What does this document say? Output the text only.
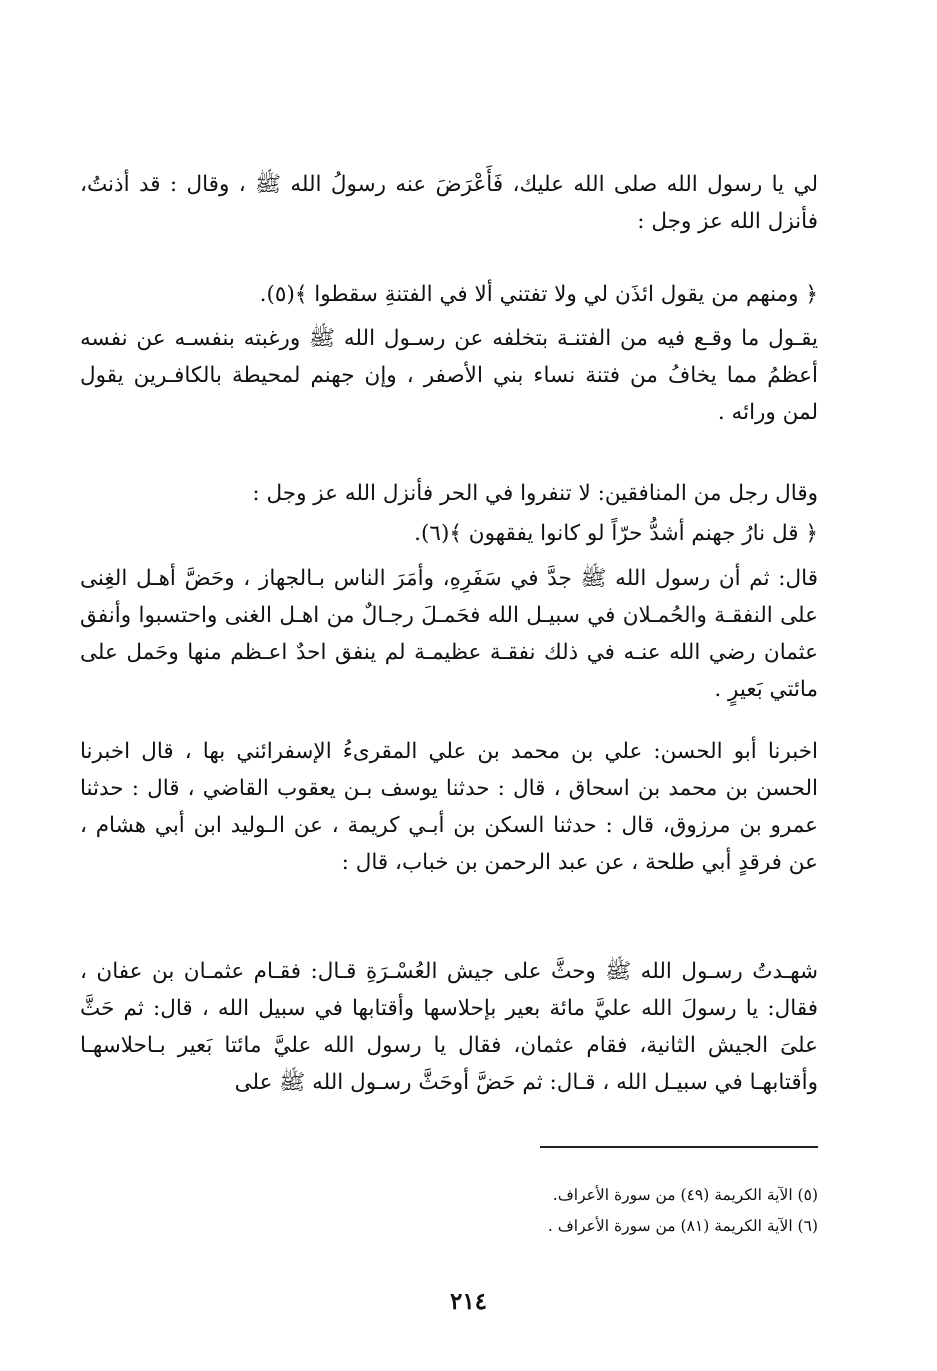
لي يا رسول الله صلى الله عليك، فَأَعْرَضَ عنه رسولُ الله ﷺ ، وقال : قد أذنتُ، فأنزل الله عز وجل :

﴿ ومنهم من يقول ائذَن لي ولا تفتني ألا في الفتنةِ سقطوا ﴾(٥).

يقـول ما وقـع فيه من الفتنـة بتخلفه عن رسـول الله ﷺ ورغبته بنفسـه عن نفسه أعظمُ مما يخافُ من فتنة نساء بني الأصفر ، وإن جهنم لمحيطة بالكافـرين يقول لمن ورائه .

وقال رجل من المنافقين: لا تنفروا في الحر فأنزل الله عز وجل :

﴿ قل نارُ جهنم أشدُّ حرّاً لو كانوا يفقهون ﴾(٦).

قال: ثم أن رسول الله ﷺ جدَّ في سَفَرِهِ، وأمَرَ الناس بـالجهاز ، وحَضَّ أهـل الغِنى على النفقـة والحُمـلان في سبيـل الله فحَمـلَ رجـالٌ من اهـل الغنى واحتسبوا وأنفق عثمان رضي الله عنـه في ذلك نفقـة عظيمـة لم ينفق احدٌ اعـظم منها وحَمل على مائتي بَعيرٍ .

اخبرنا أبو الحسن: علي بن محمد بن علي المقرىءُ الإسفرائني بها ، قال اخبرنا الحسن بن محمد بن اسحاق ، قال : حدثنا يوسف بـن يعقوب القاضي ، قال : حدثنا عمرو بن مرزوق، قال : حدثنا السكن بن أبـي كريمة ، عن الـوليد ابن أبي هشام ، عن فرقدٍ أبي طلحة ، عن عبد الرحمن بن خباب، قال :

شهـدتُ رسـول الله ﷺ وحثَّ على جيش العُسْـرَةِ قـال: فقـام عثمـان بن عفان ، فقال: يا رسولَ الله عليَّ مائة بعير بإحلاسها وأقتابها في سبيل الله ، قال: ثم حَثَّ علىَ الجيش الثانية، فقام عثمان، فقال يا رسول الله عليَّ مائتا بَعير بـاحلاسهـا وأقتابهـا في سبيـل الله ، قـال: ثم حَضَّ أوحَثَّ رسـول الله ﷺ على

(٥) الآية الكريمة (٤٩) من سورة الأعراف.
(٦) الآية الكريمة (٨١) من سورة الأعراف .
٢١٤
